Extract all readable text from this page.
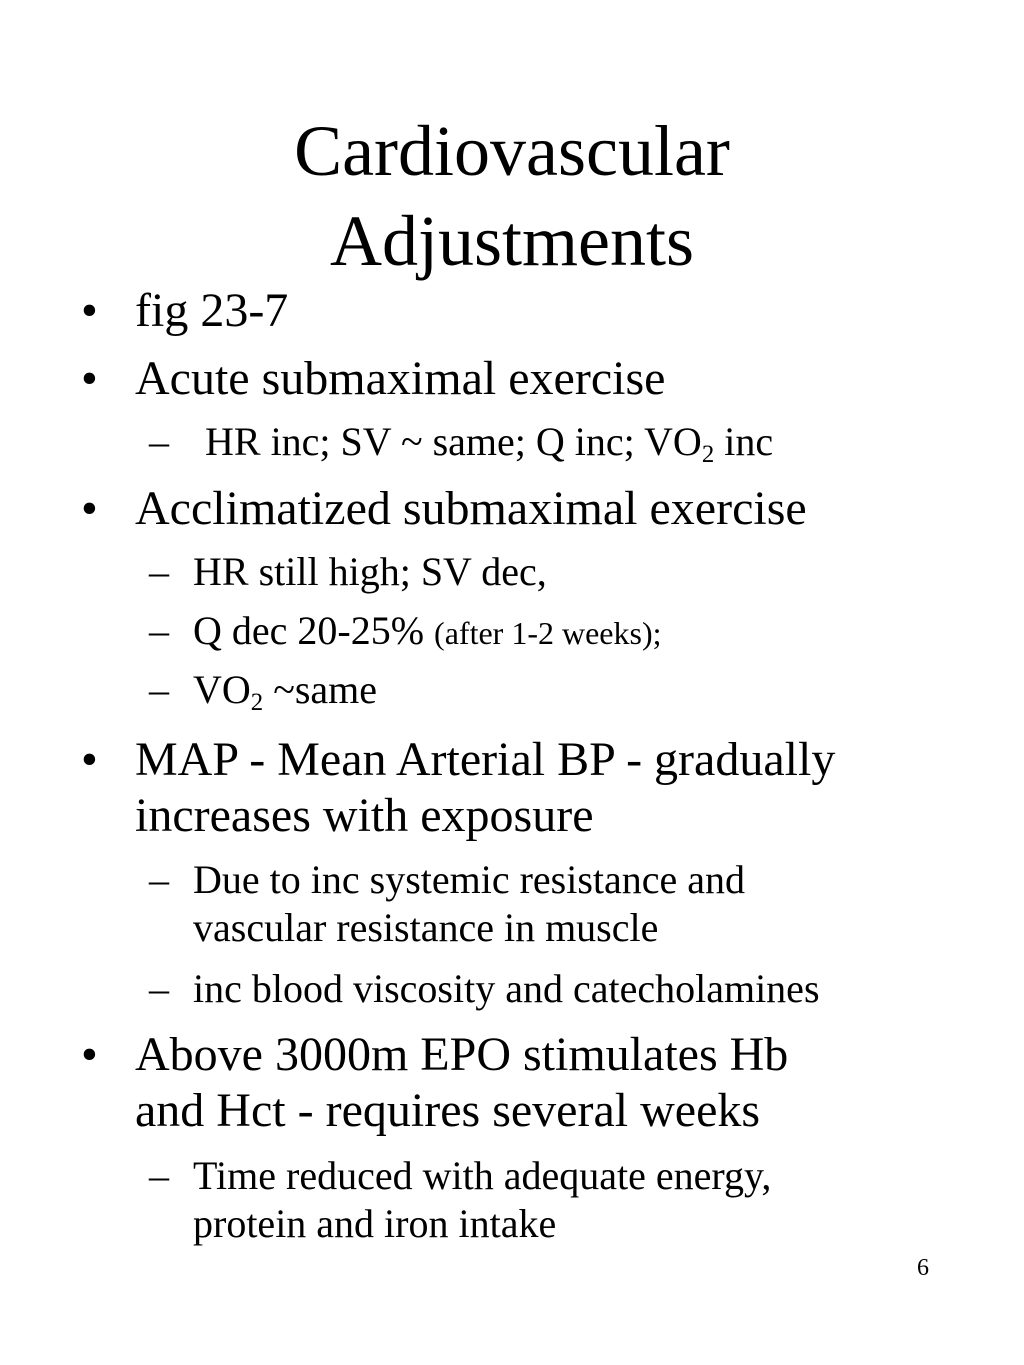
Cardiovascular
Adjustments
• fig 23-7
• Acute submaximal exercise
– HR inc; SV ~ same; Q inc; $VO_2$ inc
• Acclimatized submaximal exercise
– HR still high; SV dec,
– Q dec 20-25% (after 1-2 weeks);
– $VO_2$ ~same
• MAP - Mean Arterial BP - gradually
increases with exposure
– Due to inc systemic resistance and
vascular resistance in muscle
– inc blood viscosity and catecholamines
• Above 3000m EPO stimulates Hb
and Hct - requires several weeks
– Time reduced with adequate energy,
protein and iron intake
6
